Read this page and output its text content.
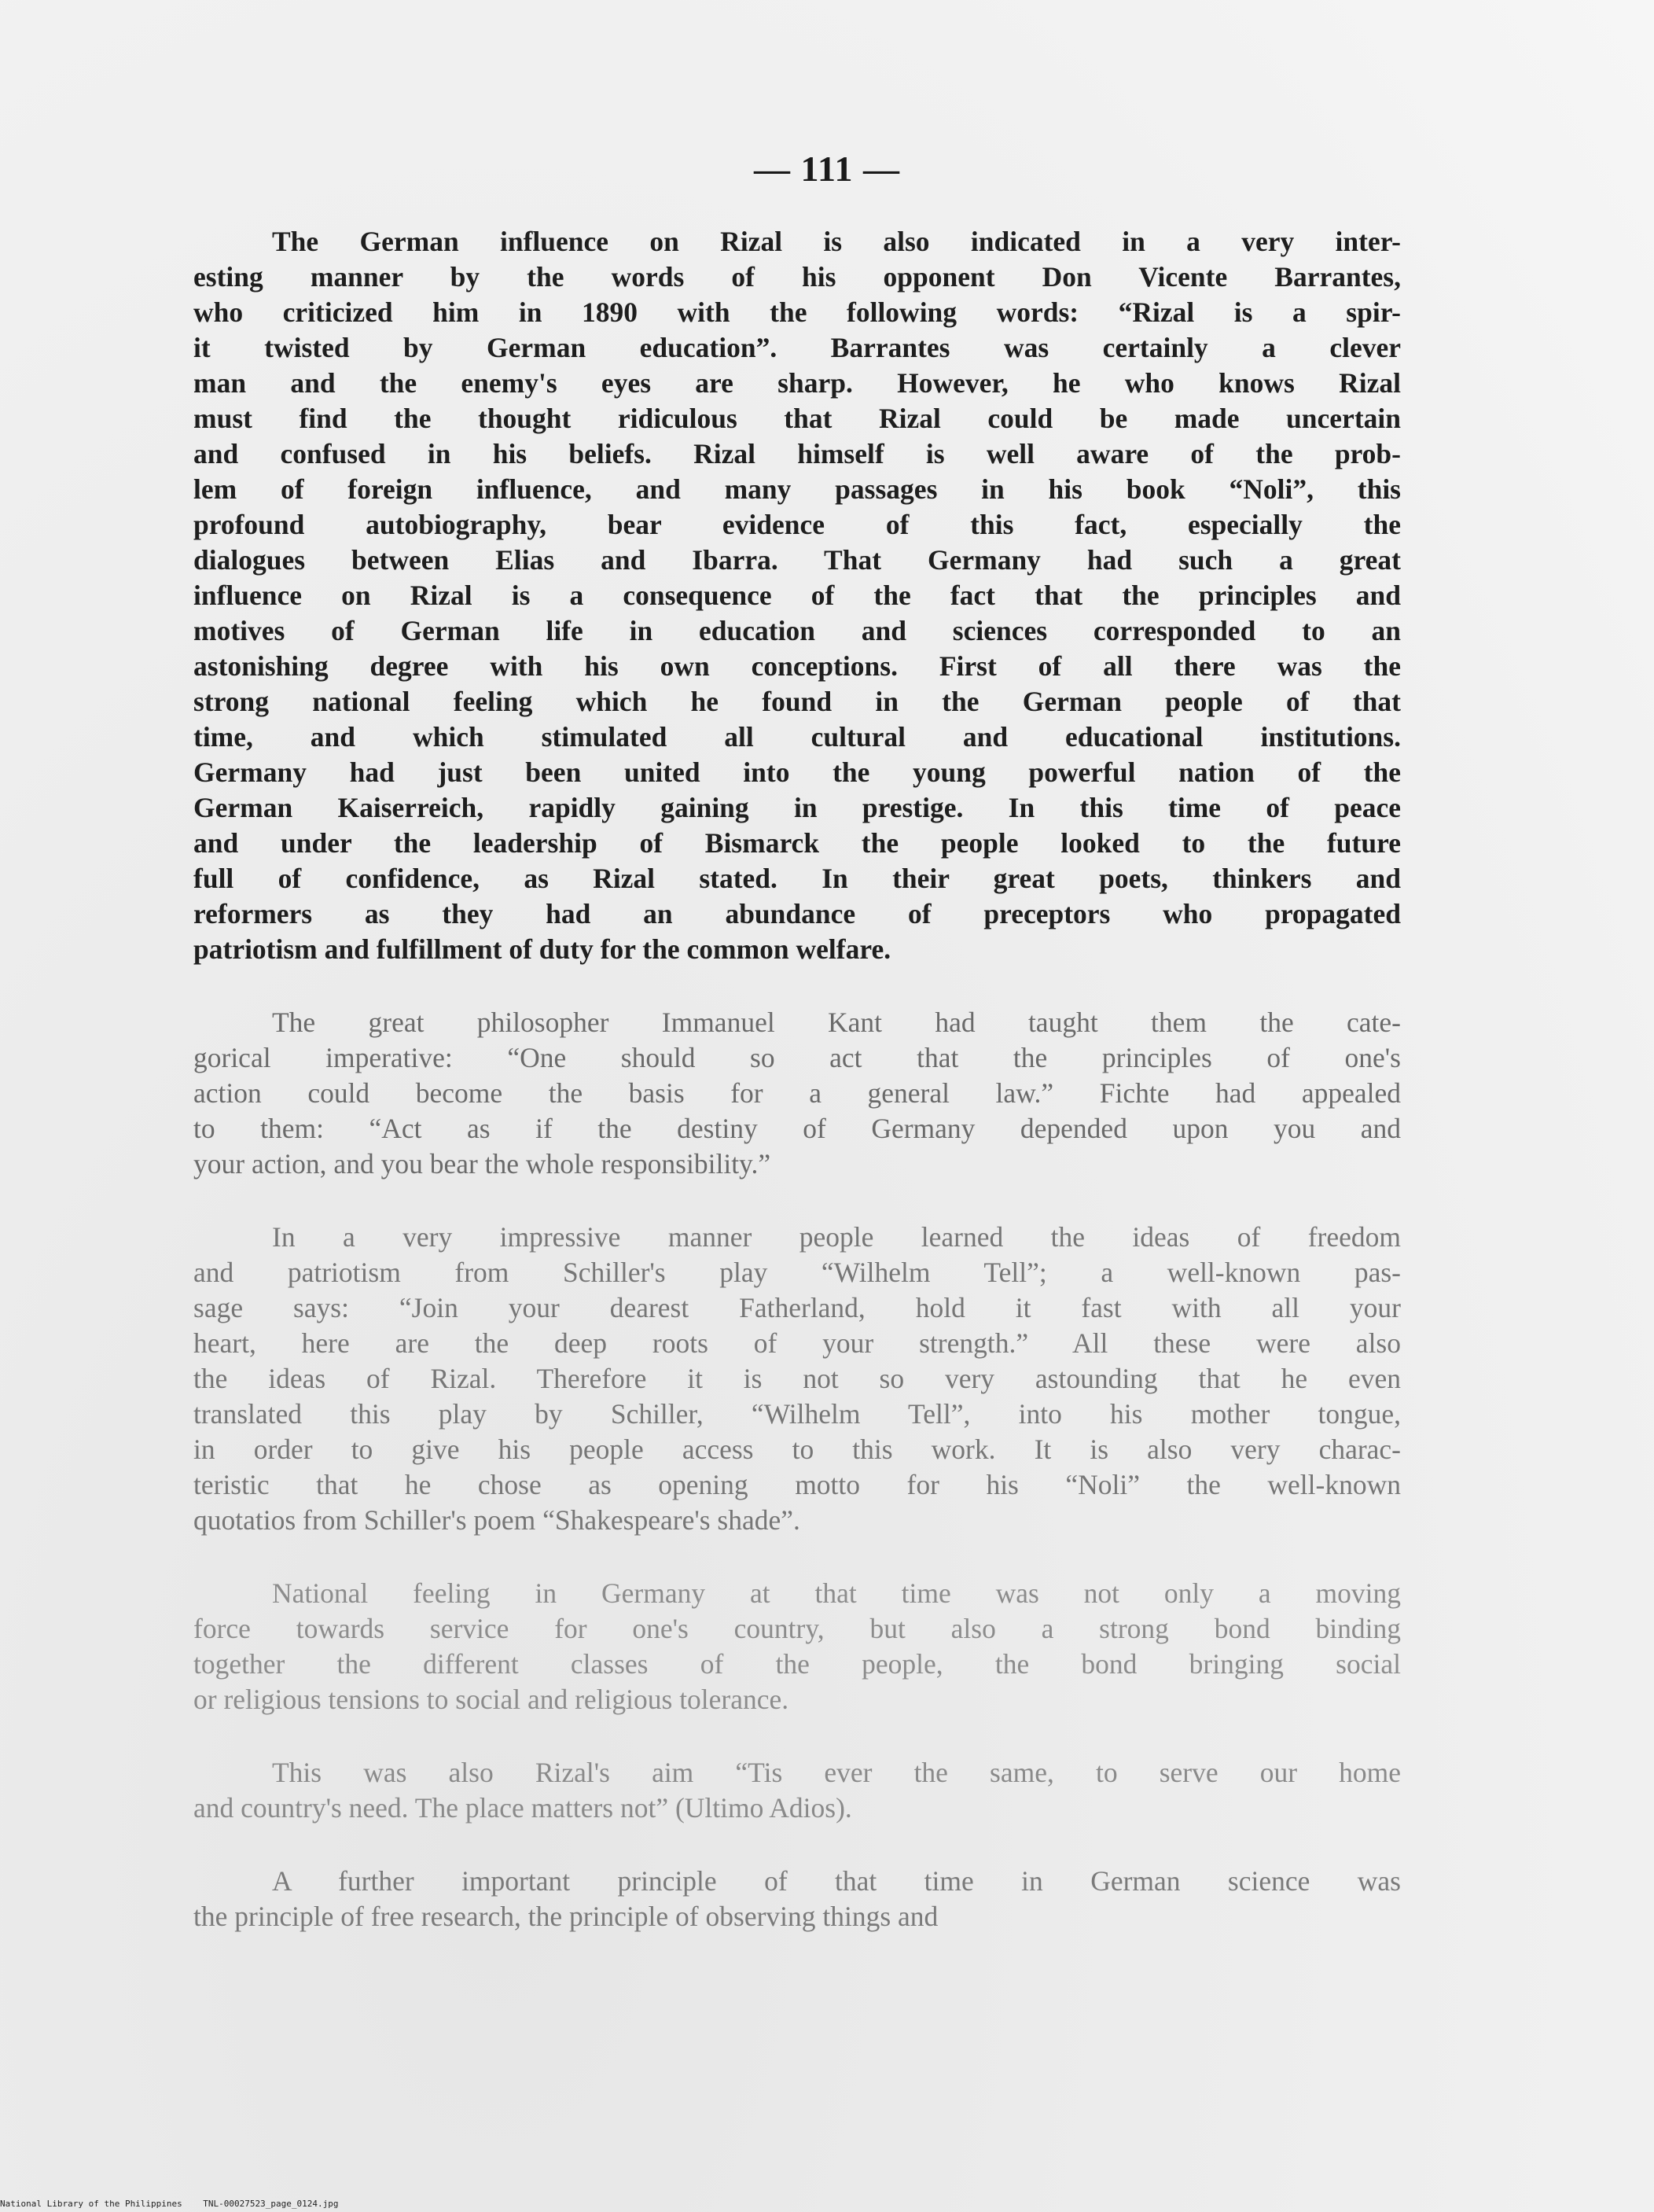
— 111 —

The German influence on Rizal is also indicated in a very inter-
esting manner by the words of his opponent Don Vicente Barrantes,
who criticized him in 1890 with the following words: “Rizal is a spir-
it twisted by German education”. Barrantes was certainly a clever
man and the enemy's eyes are sharp. However, he who knows Rizal
must find the thought ridiculous that Rizal could be made uncertain
and confused in his beliefs. Rizal himself is well aware of the prob-
lem of foreign influence, and many passages in his book “Noli”, this
profound autobiography, bear evidence of this fact, especially the
dialogues between Elias and Ibarra. That Germany had such a great
influence on Rizal is a consequence of the fact that the principles and
motives of German life in education and sciences corresponded to an
astonishing degree with his own conceptions. First of all there was the
strong national feeling which he found in the German people of that
time, and which stimulated all cultural and educational institutions.
Germany had just been united into the young powerful nation of the
German Kaiserreich, rapidly gaining in prestige. In this time of peace
and under the leadership of Bismarck the people looked to the future
full of confidence, as Rizal stated. In their great poets, thinkers and
reformers as they had an abundance of preceptors who propagated
patriotism and fulfillment of duty for the common welfare.

The great philosopher Immanuel Kant had taught them the cate-
gorical imperative: “One should so act that the principles of one's
action could become the basis for a general law.” Fichte had appealed
to them: “Act as if the destiny of Germany depended upon you and
your action, and you bear the whole responsibility.”

In a very impressive manner people learned the ideas of freedom
and patriotism from Schiller's play “Wilhelm Tell”; a well-known pas-
sage says: “Join your dearest Fatherland, hold it fast with all your
heart, here are the deep roots of your strength.” All these were also
the ideas of Rizal. Therefore it is not so very astounding that he even
translated this play by Schiller, “Wilhelm Tell”, into his mother tongue,
in order to give his people access to this work. It is also very charac-
teristic that he chose as opening motto for his “Noli” the well-known
quotatios from Schiller's poem “Shakespeare's shade”.

National feeling in Germany at that time was not only a moving
force towards service for one's country, but also a strong bond binding
together the different classes of the people, the bond bringing social
or religious tensions to social and religious tolerance.

This was also Rizal's aim “Tis ever the same, to serve our home
and country's need. The place matters not” (Ultimo Adios).

A further important principle of that time in German science was
the principle of free research, the principle of observing things and

National Library of the Philippines TNL-00027523_page_0124.jpg
